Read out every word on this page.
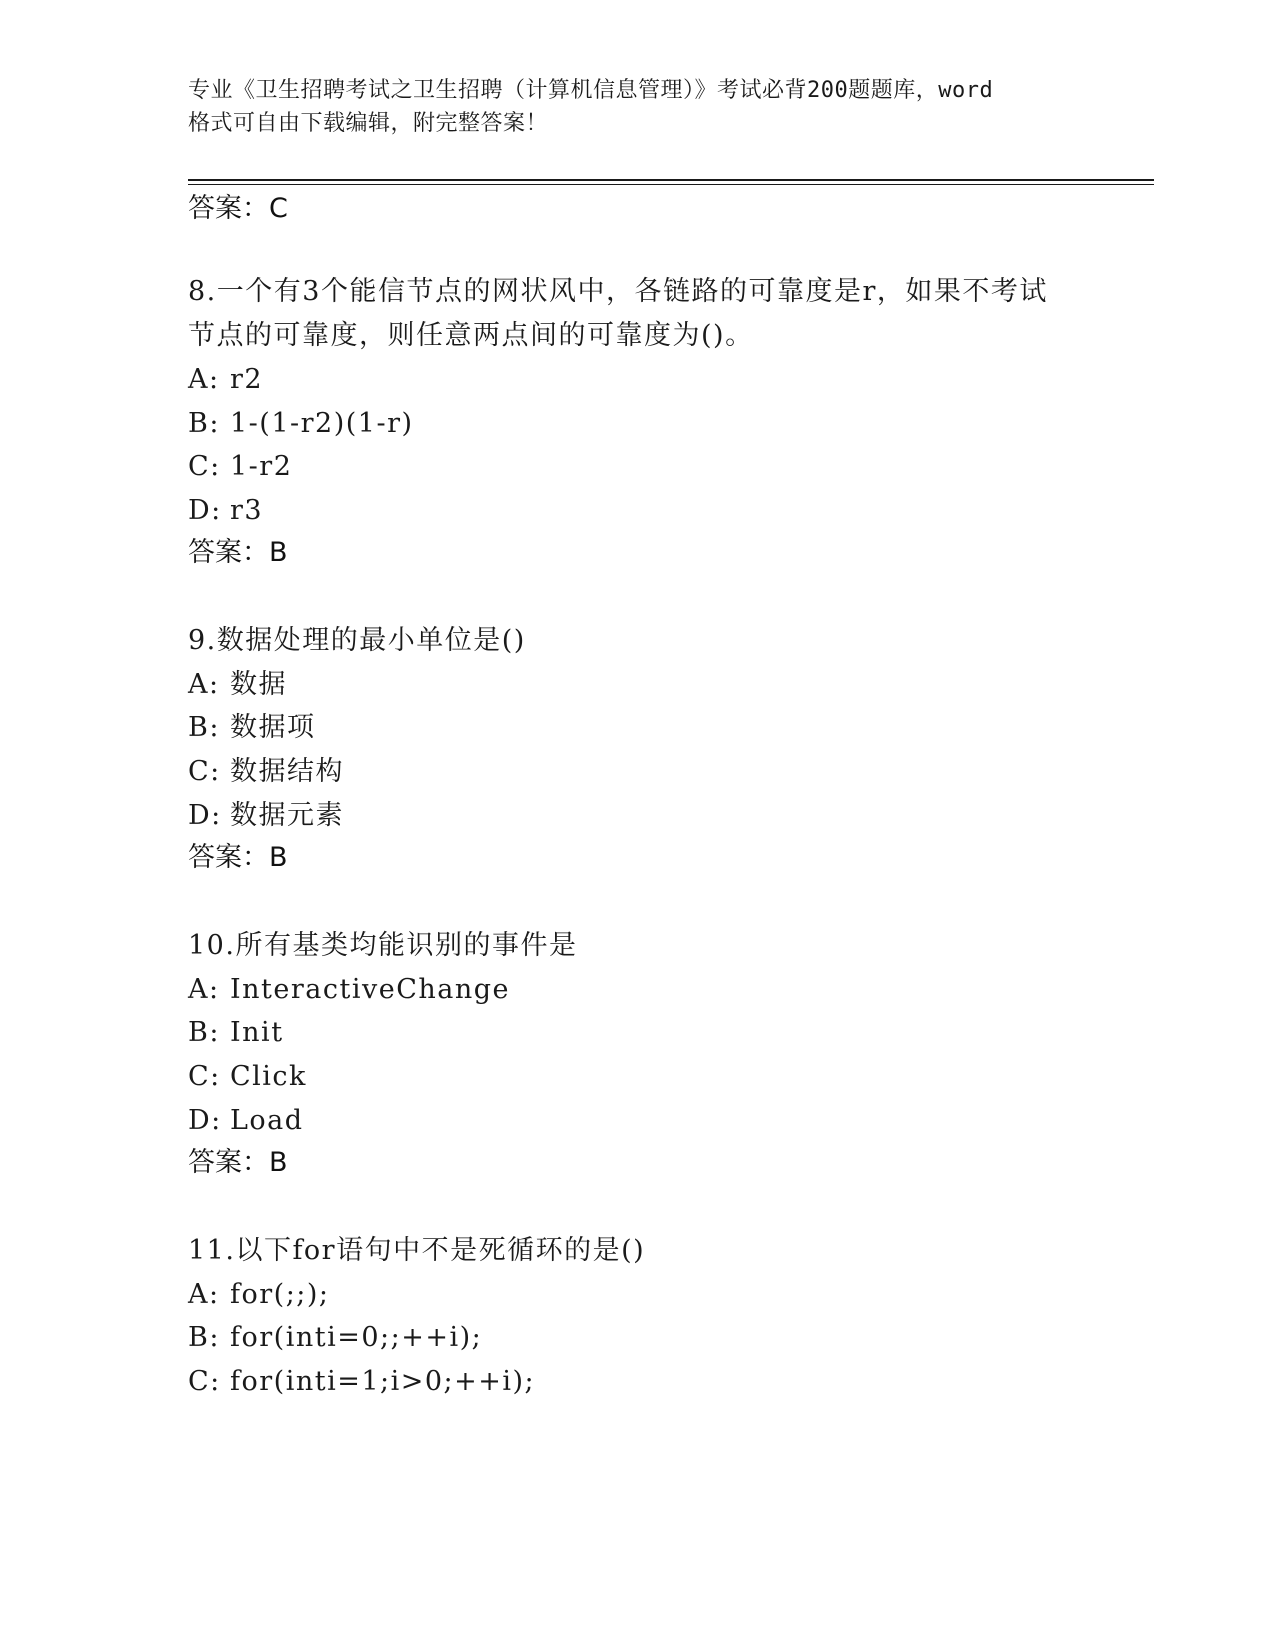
专业《卫生招聘考试之卫生招聘（计算机信息管理）》考试必背200题题库，word
格式可自由下载编辑，附完整答案！
答案：C
8.一个有3个能信节点的网状风中，各链路的可靠度是r，如果不考试
节点的可靠度，则任意两点间的可靠度为()。
A: r2
B: 1-(1-r2)(1-r)
C: 1-r2
D: r3
答案：B
9.数据处理的最小单位是()
A: 数据
B: 数据项
C: 数据结构
D: 数据元素
答案：B
10.所有基类均能识别的事件是
A: InteractiveChange
B: Init
C: Click
D: Load
答案：B
11.以下for语句中不是死循环的是()
A: for(;;);
B: for(inti=0;;++i);
C: for(inti=1;i>0;++i);
